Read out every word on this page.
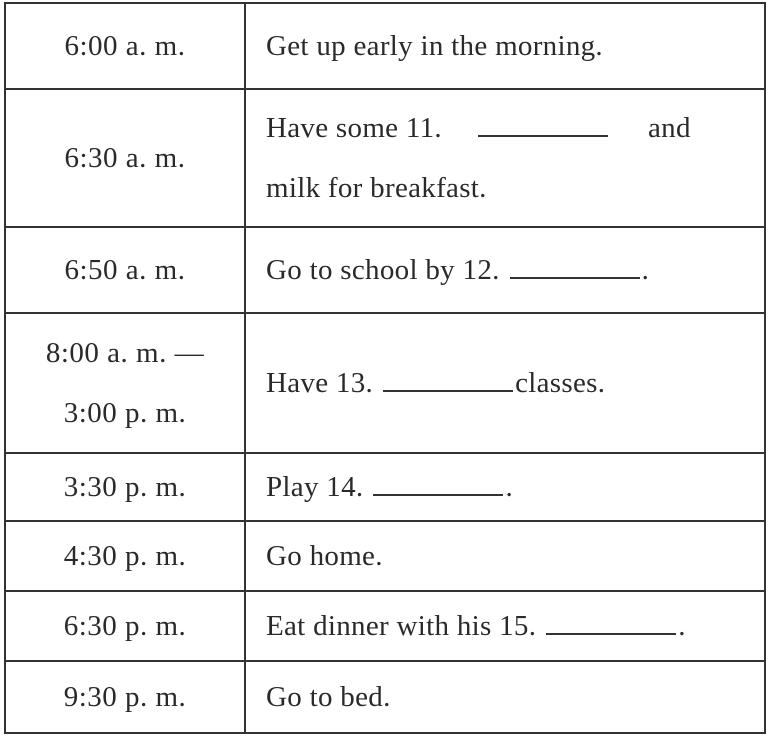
6:00 a. m.	Get up early in the morning.
6:30 a. m.	Have some 11. and
milk for breakfast.
6:50 a. m.	Go to school by 12. .
8:00 a. m. —
3:00 p. m.	Have 13. classes.
3:30 p. m.	Play 14. .
4:30 p. m.	Go home.
6:30 p. m.	Eat dinner with his 15. .
9:30 p. m.	Go to bed.
